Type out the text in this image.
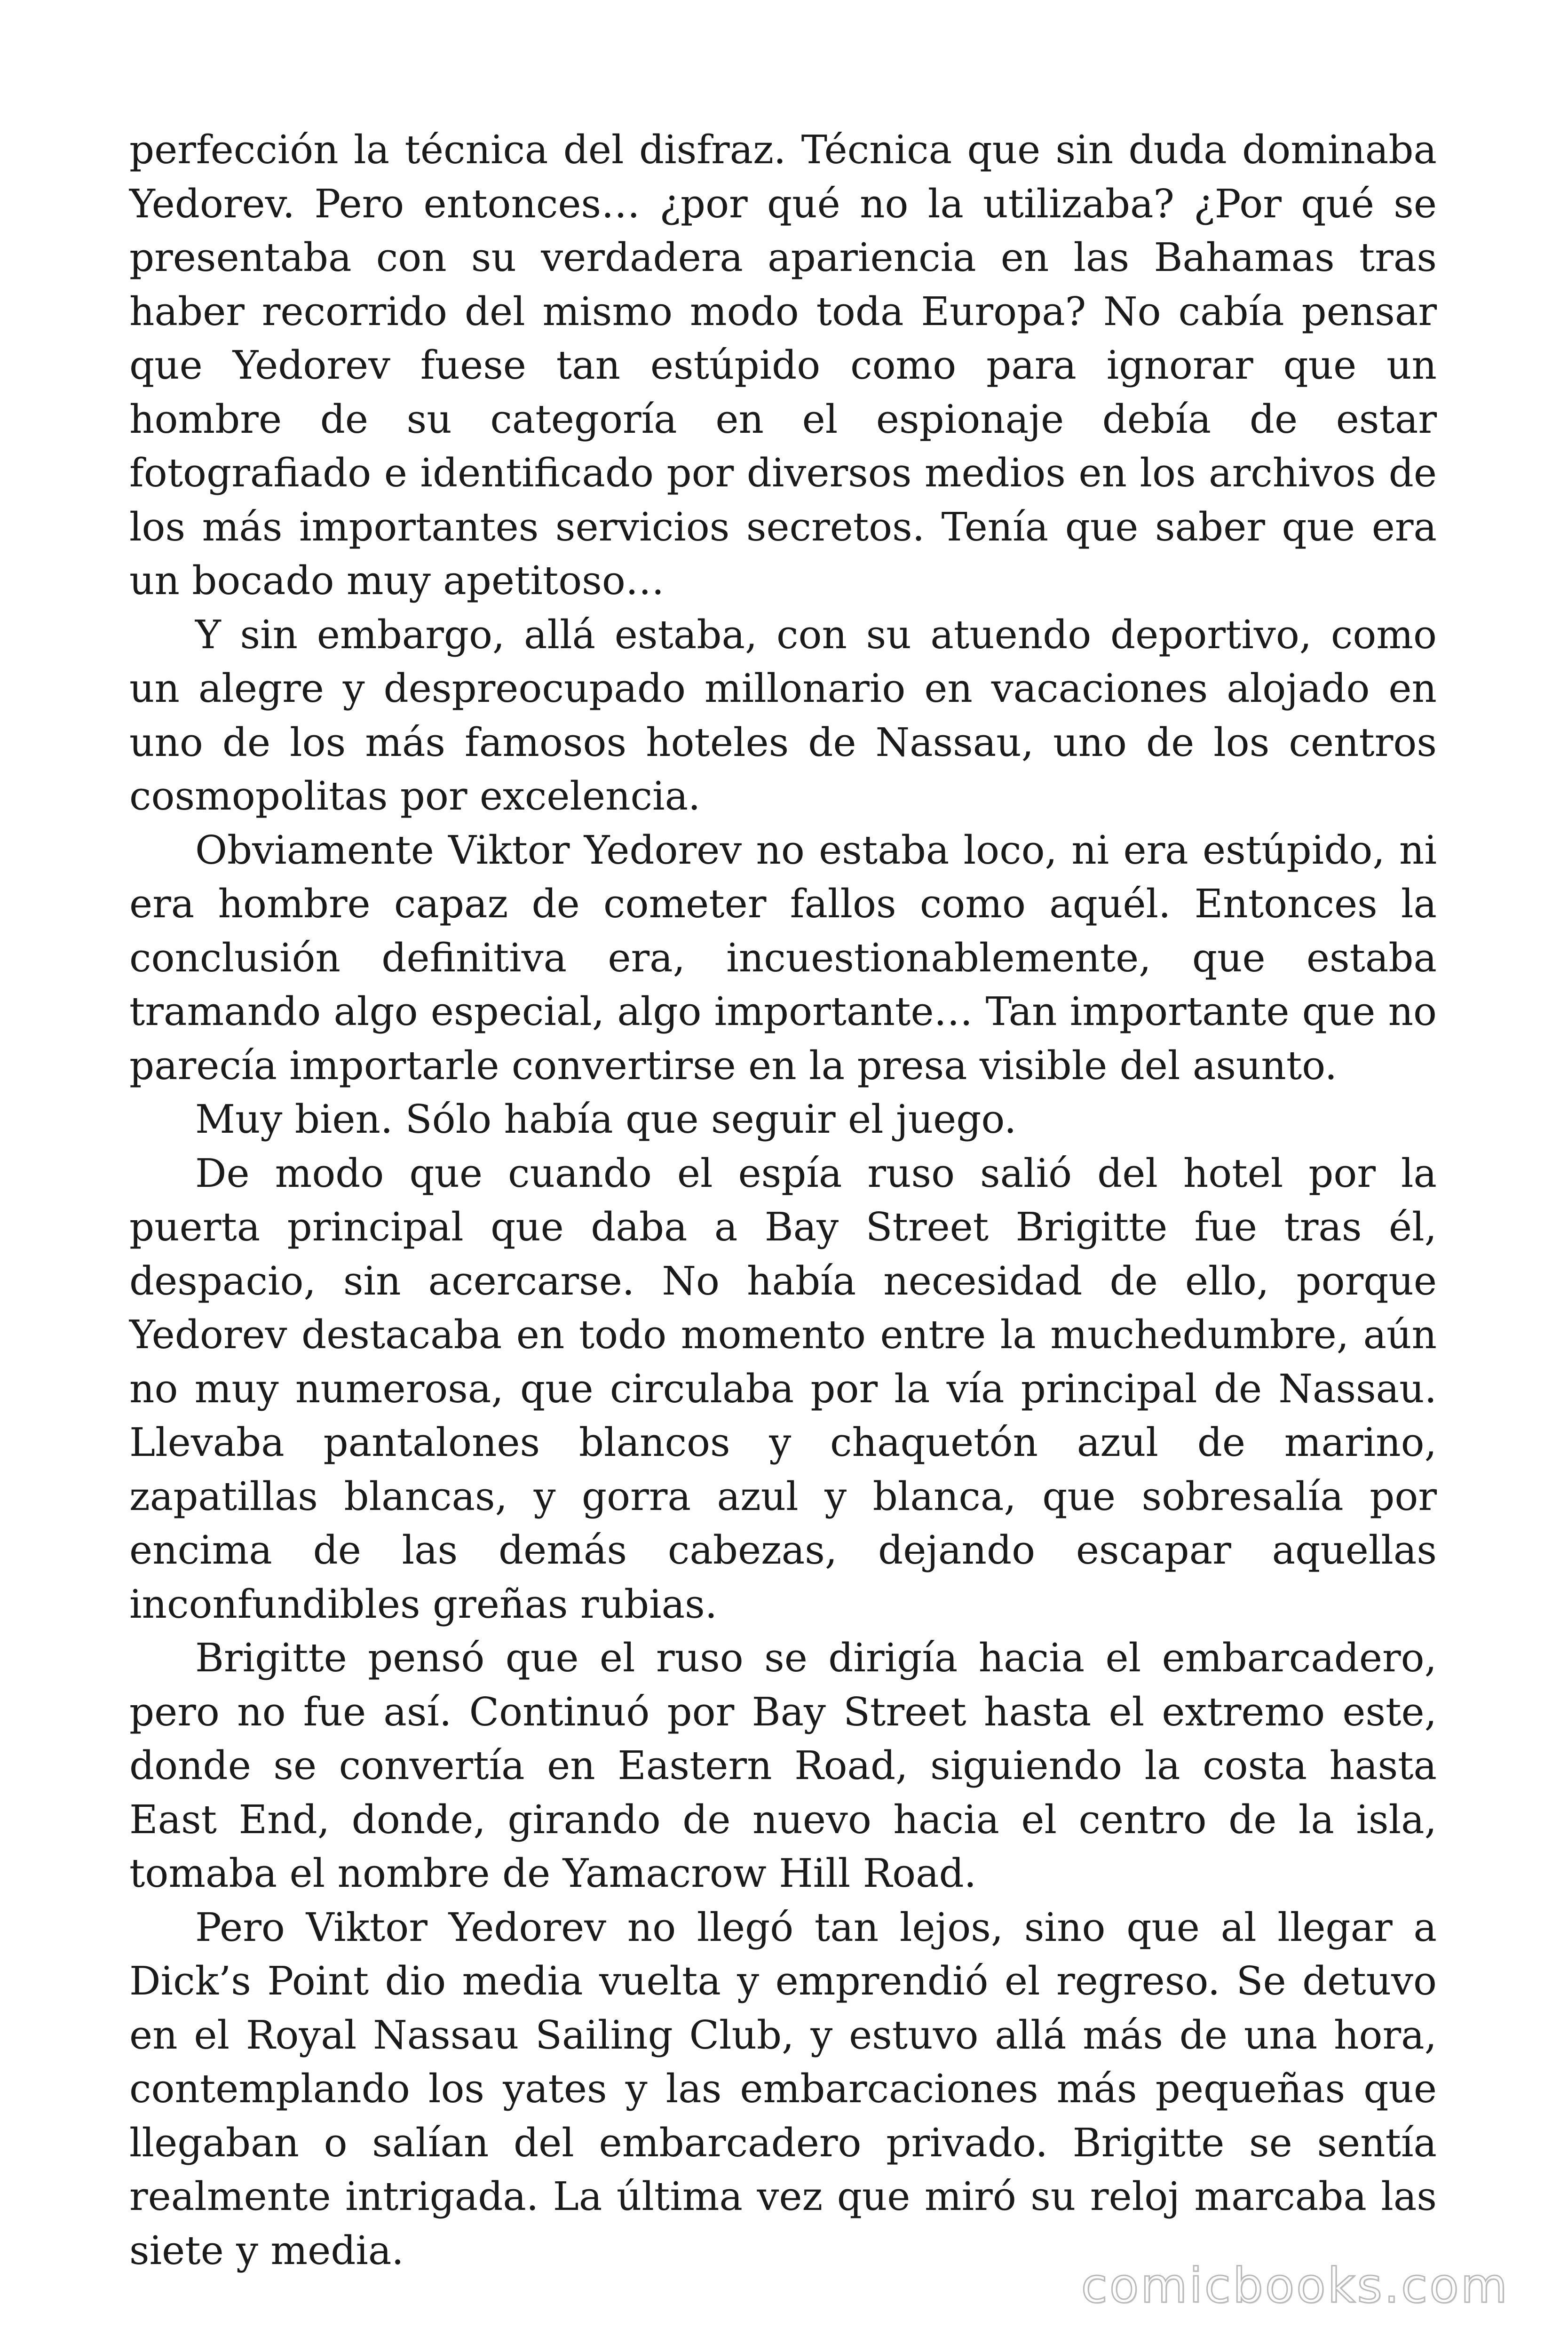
perfección la técnica del disfraz. Técnica que sin duda dominaba Yedorev. Pero entonces… ¿por qué no la utilizaba? ¿Por qué se presentaba con su verdadera apariencia en las Bahamas tras haber recorrido del mismo modo toda Europa? No cabía pensar que Yedorev fuese tan estúpido como para ignorar que un hombre de su categoría en el espionaje debía de estar fotografiado e identificado por diversos medios en los archivos de los más importantes servicios secretos. Tenía que saber que era un bocado muy apetitoso…

Y sin embargo, allá estaba, con su atuendo deportivo, como un alegre y despreocupado millonario en vacaciones alojado en uno de los más famosos hoteles de Nassau, uno de los centros cosmopolitas por excelencia.

Obviamente Viktor Yedorev no estaba loco, ni era estúpido, ni era hombre capaz de cometer fallos como aquél. Entonces la conclusión definitiva era, incuestionablemente, que estaba tramando algo especial, algo importante… Tan importante que no parecía importarle convertirse en la presa visible del asunto.

Muy bien. Sólo había que seguir el juego.

De modo que cuando el espía ruso salió del hotel por la puerta principal que daba a Bay Street Brigitte fue tras él, despacio, sin acercarse. No había necesidad de ello, porque Yedorev destacaba en todo momento entre la muchedumbre, aún no muy numerosa, que circulaba por la vía principal de Nassau. Llevaba pantalones blancos y chaquetón azul de marino, zapatillas blancas, y gorra azul y blanca, que sobresalía por encima de las demás cabezas, dejando escapar aquellas inconfundibles greñas rubias.

Brigitte pensó que el ruso se dirigía hacia el embarcadero, pero no fue así. Continuó por Bay Street hasta el extremo este, donde se convertía en Eastern Road, siguiendo la costa hasta East End, donde, girando de nuevo hacia el centro de la isla, tomaba el nombre de Yamacrow Hill Road.

Pero Viktor Yedorev no llegó tan lejos, sino que al llegar a Dick’s Point dio media vuelta y emprendió el regreso. Se detuvo en el Royal Nassau Sailing Club, y estuvo allá más de una hora, contemplando los yates y las embarcaciones más pequeñas que llegaban o salían del embarcadero privado. Brigitte se sentía realmente intrigada. La última vez que miró su reloj marcaba las siete y media.

comicbooks.com
